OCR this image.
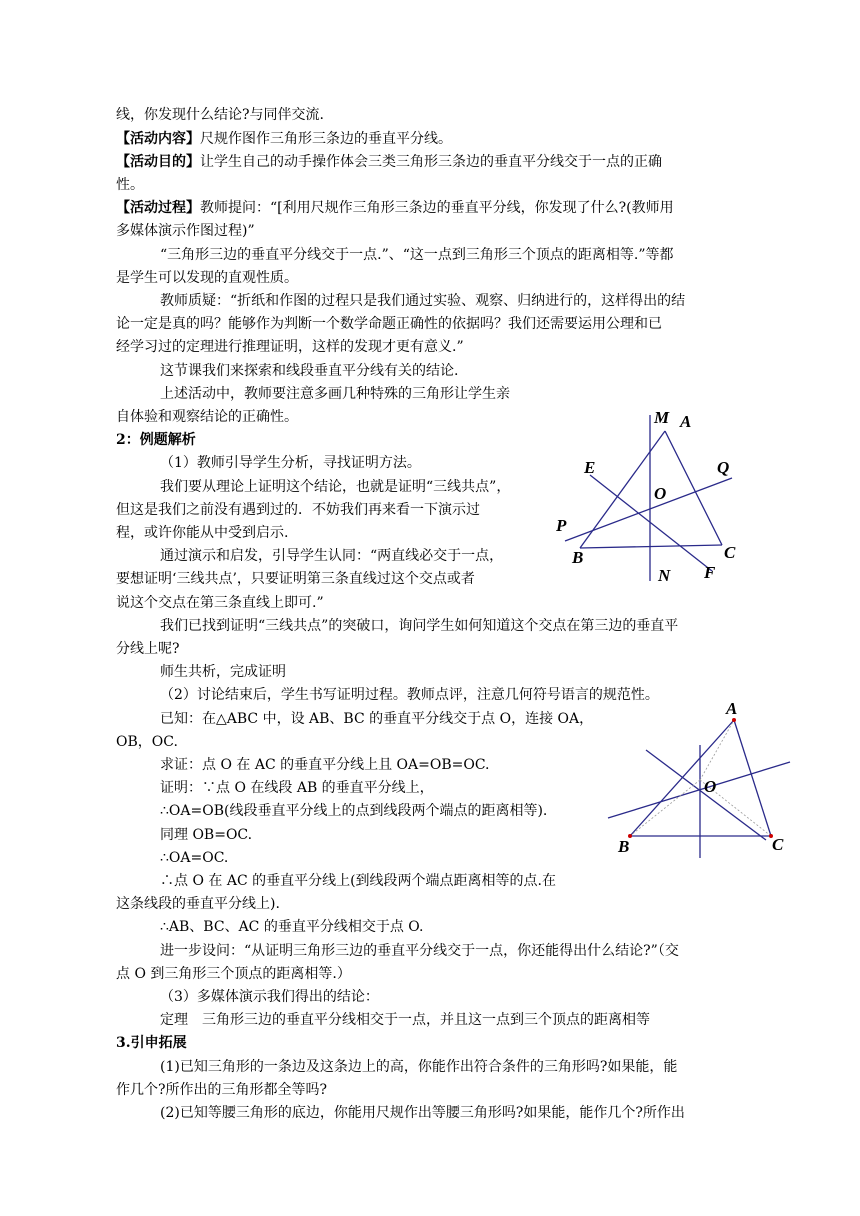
线，你发现什么结论?与同伴交流.
【活动内容】尺规作图作三角形三条边的垂直平分线。
【活动目的】让学生自己的动手操作体会三类三角形三条边的垂直平分线交于一点的正确
性。
【活动过程】教师提问：“[利用尺规作三角形三条边的垂直平分线，你发现了什么?(教师用
多媒体演示作图过程)”
“三角形三边的垂直平分线交于一点.”、“这一点到三角形三个顶点的距离相等.”等都
是学生可以发现的直观性质。
教师质疑：“折纸和作图的过程只是我们通过实验、观察、归纳进行的，这样得出的结
论一定是真的吗？能够作为判断一个数学命题正确性的依据吗？我们还需要运用公理和已
经学习过的定理进行推理证明，这样的发现才更有意义.”
这节课我们来探索和线段垂直平分线有关的结论.
上述活动中，教师要注意多画几种特殊的三角形让学生亲
自体验和观察结论的正确性。
2：例题解析
（1）教师引导学生分析，寻找证明方法。
我们要从理论上证明这个结论，也就是证明“三线共点”，
但这是我们之前没有遇到过的．不妨我们再来看一下演示过
程，或许你能从中受到启示.
通过演示和启发，引导学生认同：“两直线必交于一点，
要想证明‘三线共点’，只要证明第三条直线过这个交点或者
说这个交点在第三条直线上即可.”
我们已找到证明“三线共点”的突破口，询问学生如何知道这个交点在第三边的垂直平
分线上呢?
师生共析，完成证明
（2）讨论结束后，学生书写证明过程。教师点评，注意几何符号语言的规范性。
已知：在△ABC 中，设 AB、BC 的垂直平分线交于点 O，连接 OA，
OB，OC.
求证：点 O 在 AC 的垂直平分线上且 OA=OB=OC.
证明：∵点 O 在线段 AB 的垂直平分线上，
∴OA=OB(线段垂直平分线上的点到线段两个端点的距离相等).
同理 OB=OC.
∴OA=OC.
∴点 O 在 AC 的垂直平分线上(到线段两个端点距离相等的点.在
这条线段的垂直平分线上).
∴AB、BC、AC 的垂直平分线相交于点 O.
进一步设问：“从证明三角形三边的垂直平分线交于一点，你还能得出什么结论?”（交
点 O 到三角形三个顶点的距离相等.）
（3）多媒体演示我们得出的结论：
定理　三角形三边的垂直平分线相交于一点，并且这一点到三个顶点的距离相等
3.引申拓展
(1)已知三角形的一条边及这条边上的高，你能作出符合条件的三角形吗?如果能，能
作几个?所作出的三角形都全等吗?
(2)已知等腰三角形的底边，你能用尺规作出等腰三角形吗?如果能，能作几个?所作出
M A
E	Q
O
P
B	C
N F
A
O
B	C
